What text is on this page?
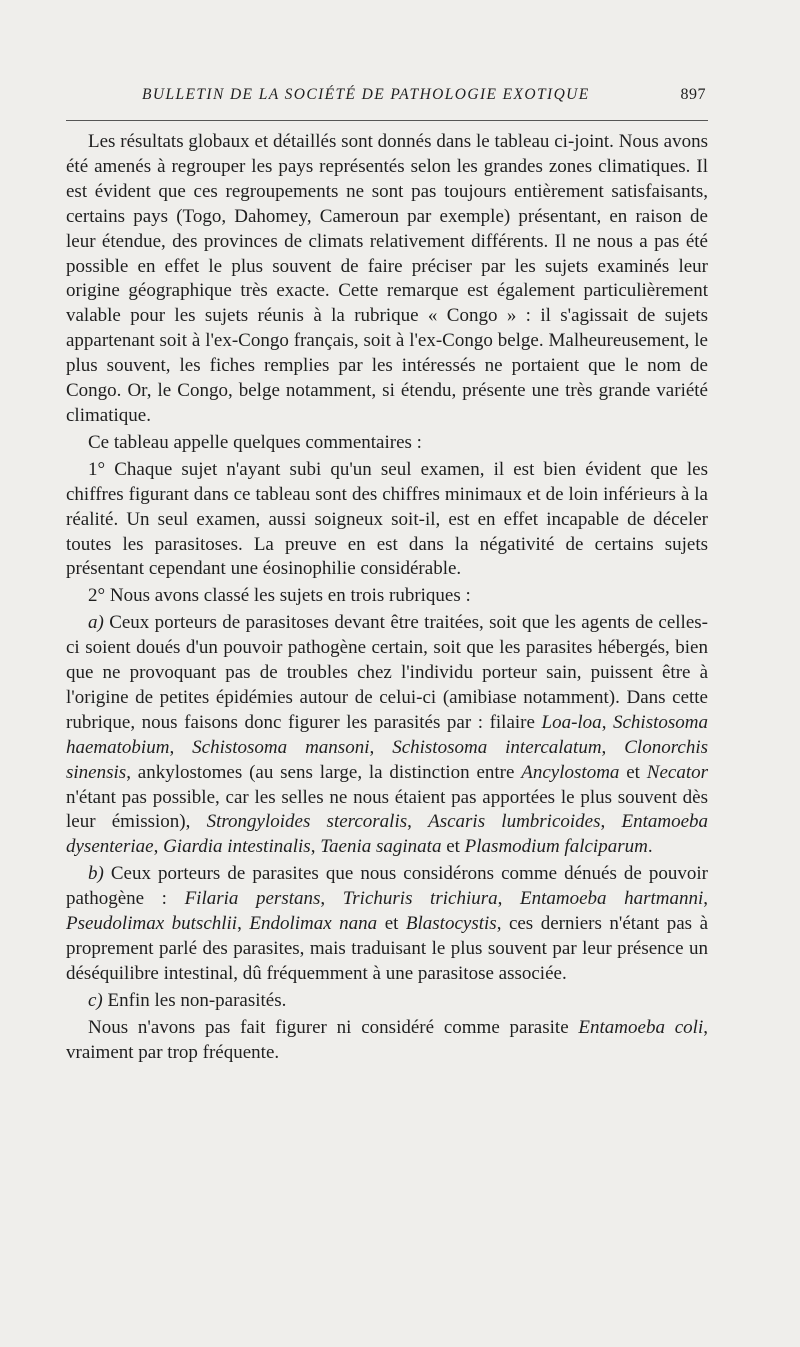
BULLETIN DE LA SOCIÉTÉ DE PATHOLOGIE EXOTIQUE	897

Les résultats globaux et détaillés sont donnés dans le tableau ci-joint. Nous avons été amenés à regrouper les pays représentés selon les grandes zones climatiques. Il est évident que ces regroupements ne sont pas toujours entièrement satisfaisants, certains pays (Togo, Dahomey, Cameroun par exemple) présentant, en raison de leur étendue, des provinces de climats relativement différents. Il ne nous a pas été possible en effet le plus souvent de faire préciser par les sujets examinés leur origine géographique très exacte. Cette remarque est également particulièrement valable pour les sujets réunis à la rubrique « Congo » : il s'agissait de sujets appartenant soit à l'ex-Congo français, soit à l'ex-Congo belge. Malheureusement, le plus souvent, les fiches remplies par les intéressés ne portaient que le nom de Congo. Or, le Congo, belge notamment, si étendu, présente une très grande variété climatique.

Ce tableau appelle quelques commentaires :

1° Chaque sujet n'ayant subi qu'un seul examen, il est bien évident que les chiffres figurant dans ce tableau sont des chiffres minimaux et de loin inférieurs à la réalité. Un seul examen, aussi soigneux soit-il, est en effet incapable de déceler toutes les parasitoses. La preuve en est dans la négativité de certains sujets présentant cependant une éosinophilie considérable.

2° Nous avons classé les sujets en trois rubriques :

a) Ceux porteurs de parasitoses devant être traitées, soit que les agents de celles-ci soient doués d'un pouvoir pathogène certain, soit que les parasites hébergés, bien que ne provoquant pas de troubles chez l'individu porteur sain, puissent être à l'origine de petites épidémies autour de celui-ci (amibiase notamment). Dans cette rubrique, nous faisons donc figurer les parasités par : filaire Loa-loa, Schistosoma haematobium, Schistosoma mansoni, Schistosoma intercalatum, Clonorchis sinensis, ankylostomes (au sens large, la distinction entre Ancylostoma et Necator n'étant pas possible, car les selles ne nous étaient pas apportées le plus souvent dès leur émission), Strongyloides stercoralis, Ascaris lumbricoides, Entamoeba dysenteriae, Giardia intestinalis, Taenia saginata et Plasmodium falciparum.

b) Ceux porteurs de parasites que nous considérons comme dénués de pouvoir pathogène : Filaria perstans, Trichuris trichiura, Entamoeba hartmanni, Pseudolimax butschlii, Endolimax nana et Blastocystis, ces derniers n'étant pas à proprement parlé des parasites, mais traduisant le plus souvent par leur présence un déséquilibre intestinal, dû fréquemment à une parasitose associée.

c) Enfin les non-parasités.

Nous n'avons pas fait figurer ni considéré comme parasite Entamoeba coli, vraiment par trop fréquente.
